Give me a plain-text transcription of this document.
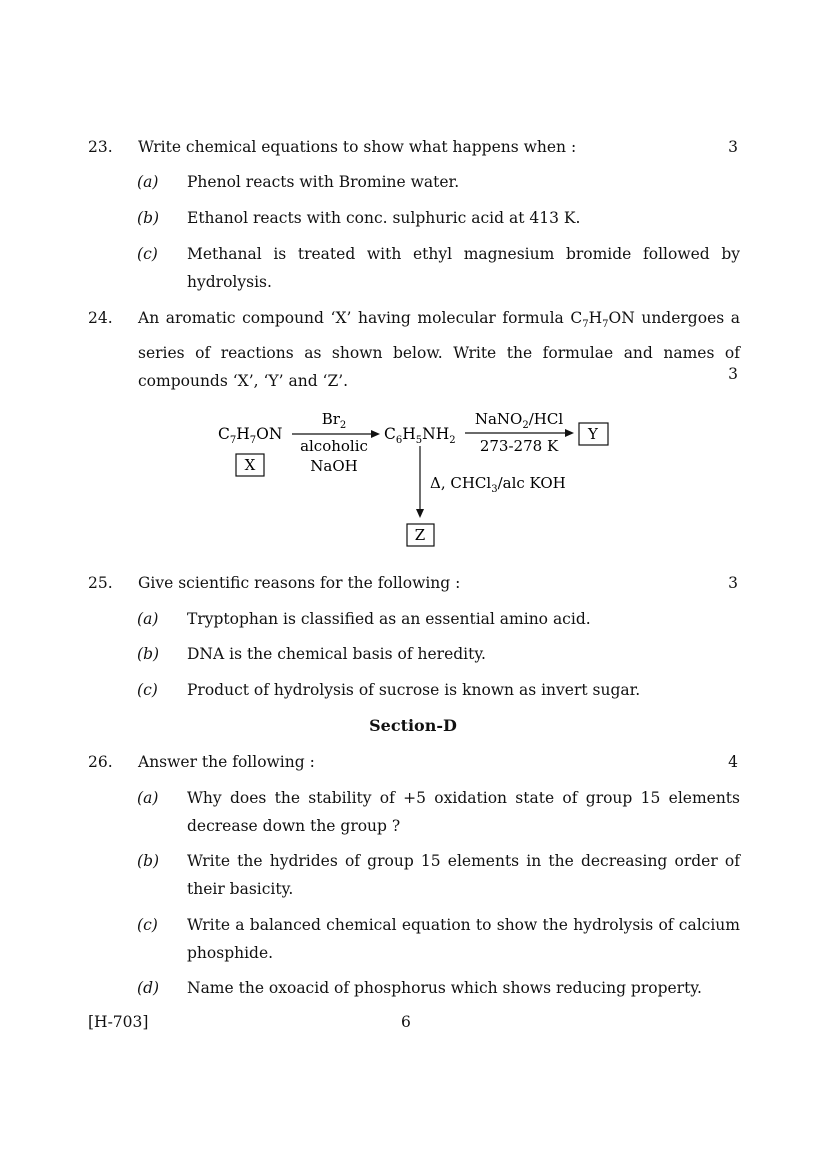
23. Write chemical equations to show what happens when :	3
(a) Phenol reacts with Bromine water.
(b) Ethanol reacts with conc. sulphuric acid at 413 K.
(c) Methanal is treated with ethyl magnesium bromide followed by hydrolysis.
24. An aromatic compound ‘X’ having molecular formula $C_7H_7ON$ undergoes a series of reactions as shown below. Write the formulae and names of compounds ‘X’, ‘Y’ and ‘Z’.	3
$C_7H_7ON$
X
$Br_2$
alcoholic
NaOH
$C_6H_5NH_2$
NaNO$_2$/HCl
273-278 K
Y
Δ, CHCl$_3$/alc KOH
Z
25. Give scientific reasons for the following :	3
(a) Tryptophan is classified as an essential amino acid.
(b) DNA is the chemical basis of heredity.
(c) Product of hydrolysis of sucrose is known as invert sugar.
Section-D
26. Answer the following :	4
(a) Why does the stability of +5 oxidation state of group 15 elements decrease down the group ?
(b) Write the hydrides of group 15 elements in the decreasing order of their basicity.
(c) Write a balanced chemical equation to show the hydrolysis of calcium phosphide.
(d) Name the oxoacid of phosphorus which shows reducing property.
[H-703]	6
